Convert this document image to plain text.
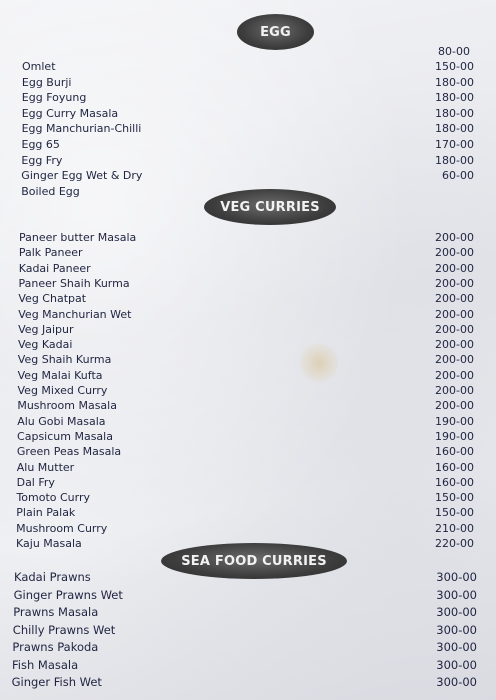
EGG
80-00
Omlet	150-00
Egg Burji	180-00
Egg Foyung	180-00
Egg Curry Masala	180-00
Egg Manchurian-Chilli	180-00
Egg 65	170-00
Egg Fry	180-00
Ginger Egg Wet & Dry	60-00
Boiled Egg
VEG CURRIES
Paneer butter Masala	200-00
Palk Paneer	200-00
Kadai Paneer	200-00
Paneer Shaih Kurma	200-00
Veg Chatpat	200-00
Veg Manchurian Wet	200-00
Veg Jaipur	200-00
Veg Kadai	200-00
Veg Shaih Kurma	200-00
Veg Malai Kufta	200-00
Veg Mixed Curry	200-00
Mushroom Masala	200-00
Alu Gobi Masala	190-00
Capsicum Masala	190-00
Green Peas Masala	160-00
Alu Mutter	160-00
Dal Fry	160-00
Tomoto Curry	150-00
Plain Palak	150-00
Mushroom Curry	210-00
Kaju Masala	220-00
SEA FOOD CURRIES
Kadai Prawns	300-00
Ginger Prawns Wet	300-00
Prawns Masala	300-00
Chilly Prawns Wet	300-00
Prawns Pakoda	300-00
Fish Masala	300-00
Ginger Fish Wet	300-00
